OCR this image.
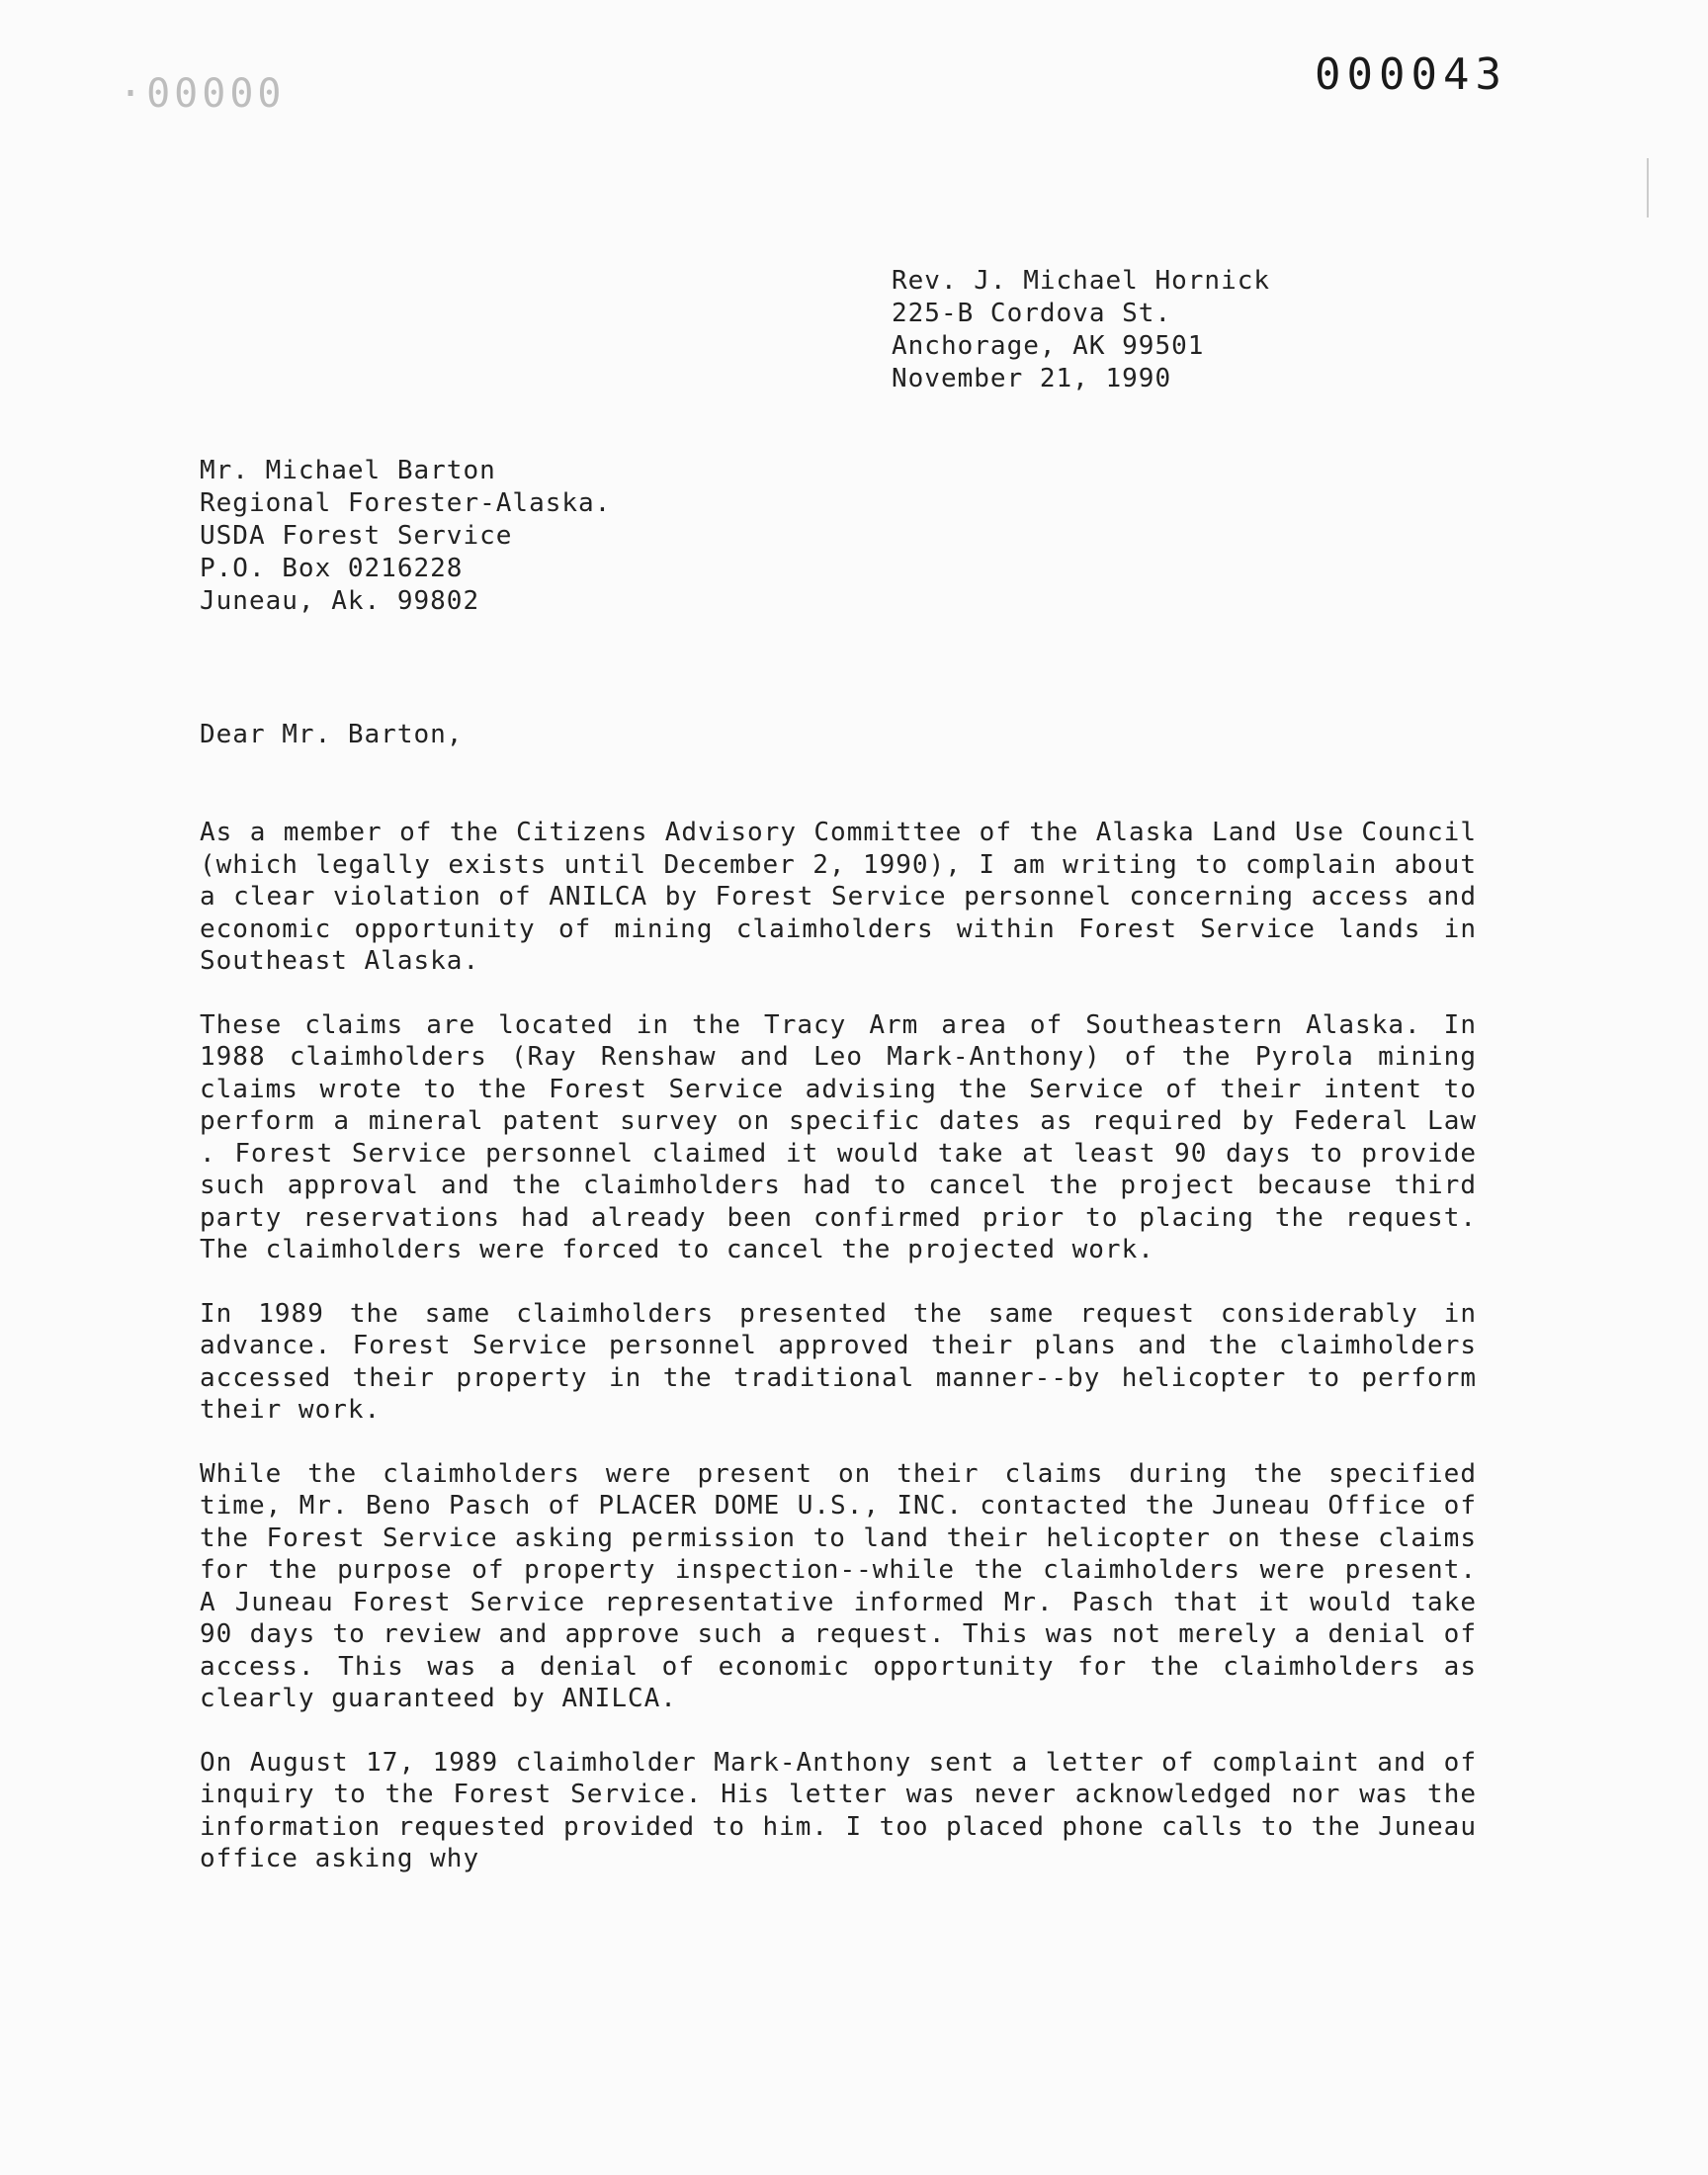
·00000	000043
Rev. J. Michael Hornick
225-B Cordova St.
Anchorage, AK 99501
November 21, 1990
Mr. Michael Barton
Regional Forester-Alaska.
USDA Forest Service
P.O. Box 0216228
Juneau, Ak. 99802
Dear Mr. Barton,

As a member of the Citizens Advisory Committee of the Alaska Land Use Council (which legally exists until December 2, 1990), I am writing to complain about a clear violation of ANILCA by Forest Service personnel concerning access and economic opportunity of mining claimholders within Forest Service lands in Southeast Alaska.

These claims are located in the Tracy Arm area of Southeastern Alaska. In 1988 claimholders (Ray Renshaw and Leo Mark-Anthony) of the Pyrola mining claims wrote to the Forest Service advising the Service of their intent to perform a mineral patent survey on specific dates as required by Federal Law . Forest Service personnel claimed it would take at least 90 days to provide such approval and the claimholders had to cancel the project because third party reservations had already been confirmed prior to placing the request. The claimholders were forced to cancel the projected work.

In 1989 the same claimholders presented the same request considerably in advance. Forest Service personnel approved their plans and the claimholders accessed their property in the traditional manner--by helicopter to perform their work.

While the claimholders were present on their claims during the specified time, Mr. Beno Pasch of PLACER DOME U.S., INC. contacted the Juneau Office of the Forest Service asking permission to land their helicopter on these claims for the purpose of property inspection--while the claimholders were present. A Juneau Forest Service representative informed Mr. Pasch that it would take 90 days to review and approve such a request. This was not merely a denial of access. This was a denial of economic opportunity for the claimholders as clearly guaranteed by ANILCA.

On August 17, 1989 claimholder Mark-Anthony sent a letter of complaint and of inquiry to the Forest Service. His letter was never acknowledged nor was the information requested provided to him. I too placed phone calls to the Juneau office asking why
